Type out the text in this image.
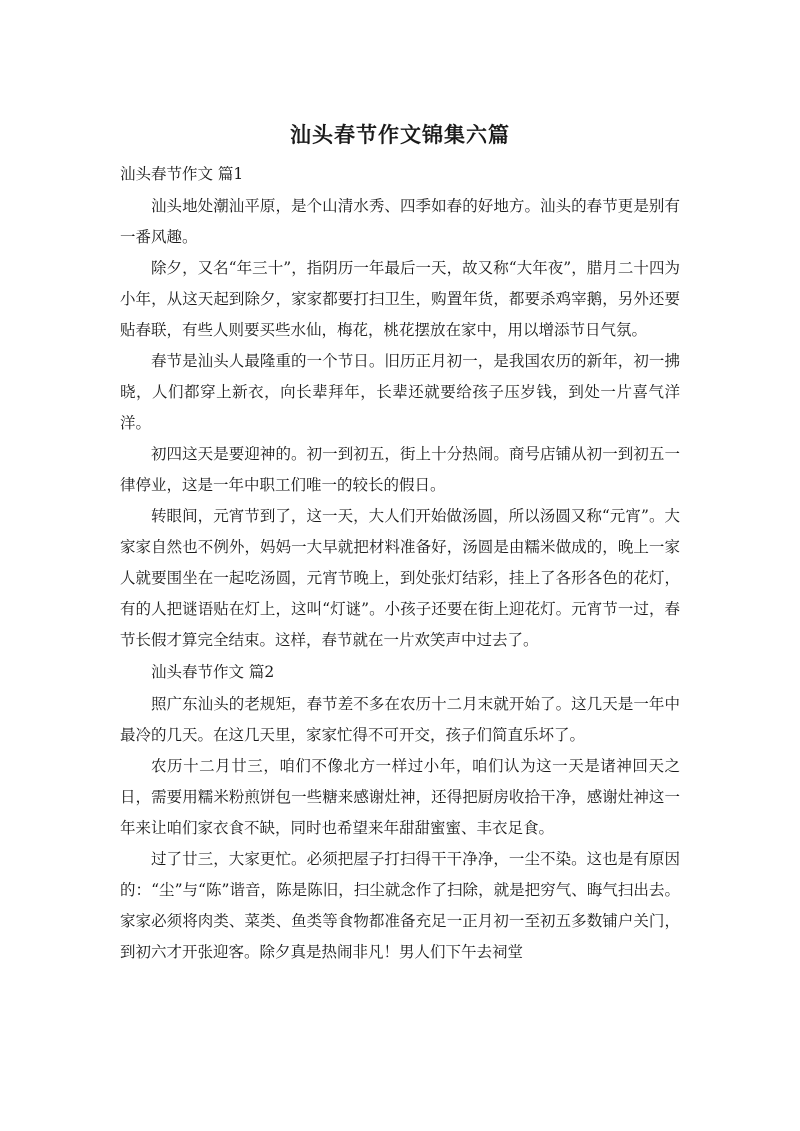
汕头春节作文锦集六篇

汕头春节作文 篇1

汕头地处潮汕平原，是个山清水秀、四季如春的好地方。汕头的春节更是别有一番风趣。

除夕，又名“年三十”，指阴历一年最后一天，故又称“大年夜”，腊月二十四为小年，从这天起到除夕，家家都要打扫卫生，购置年货，都要杀鸡宰鹅，另外还要贴春联，有些人则要买些水仙，梅花，桃花摆放在家中，用以增添节日气氛。

春节是汕头人最隆重的一个节日。旧历正月初一，是我国农历的新年，初一拂晓，人们都穿上新衣，向长辈拜年，长辈还就要给孩子压岁钱，到处一片喜气洋洋。

初四这天是要迎神的。初一到初五，街上十分热闹。商号店铺从初一到初五一律停业，这是一年中职工们唯一的较长的假日。

转眼间，元宵节到了，这一天，大人们开始做汤圆，所以汤圆又称“元宵”。大家家自然也不例外，妈妈一大早就把材料准备好，汤圆是由糯米做成的，晚上一家人就要围坐在一起吃汤圆，元宵节晚上，到处张灯结彩，挂上了各形各色的花灯，有的人把谜语贴在灯上，这叫“灯谜”。小孩子还要在街上迎花灯。元宵节一过，春节长假才算完全结束。这样，春节就在一片欢笑声中过去了。

汕头春节作文 篇2

照广东汕头的老规矩，春节差不多在农历十二月末就开始了。这几天是一年中最冷的几天。在这几天里，家家忙得不可开交，孩子们简直乐坏了。

农历十二月廿三，咱们不像北方一样过小年，咱们认为这一天是诸神回天之日，需要用糯米粉煎饼包一些糖来感谢灶神，还得把厨房收拾干净，感谢灶神这一年来让咱们家衣食不缺，同时也希望来年甜甜蜜蜜、丰衣足食。

过了廿三，大家更忙。必须把屋子打扫得干干净净，一尘不染。这也是有原因的：“尘”与“陈”谐音，陈是陈旧，扫尘就念作了扫除，就是把穷气、晦气扫出去。家家必须将肉类、菜类、鱼类等食物都准备充足一正月初一至初五多数铺户关门，到初六才开张迎客。除夕真是热闹非凡！男人们下午去祠堂
